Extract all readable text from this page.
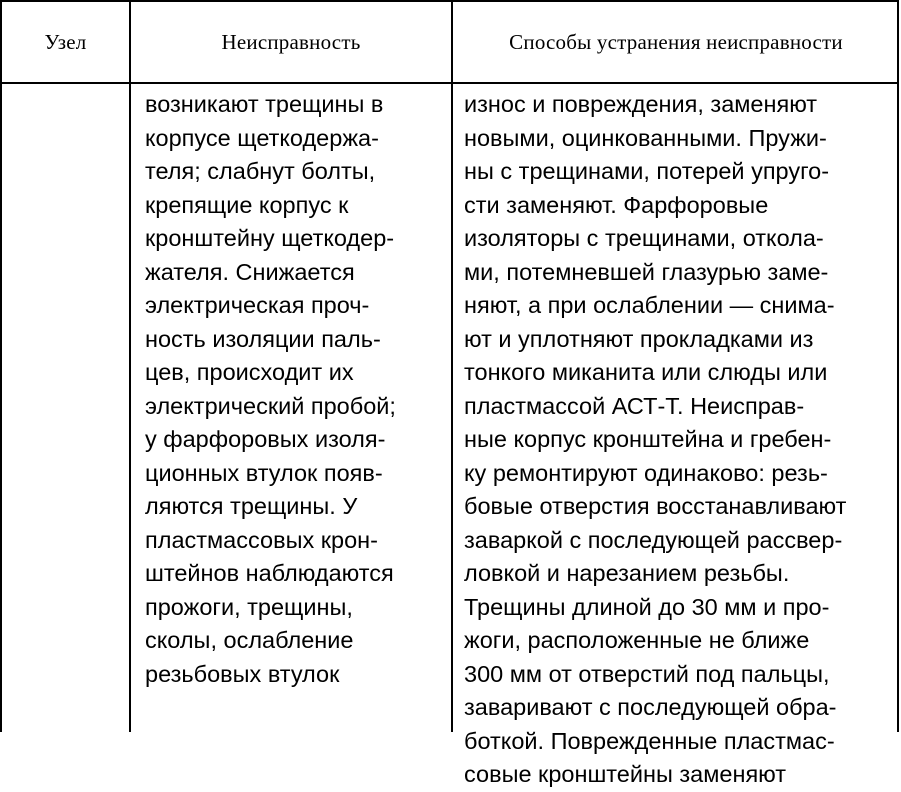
Узел	Неисправность	Способы устранения неисправности
возникают трещины в
корпусе щеткодержа-
теля; слабнут болты,
крепящие корпус к
кронштейну щеткодер-
жателя. Снижается
электрическая проч-
ность изоляции паль-
цев, происходит их
электрический пробой;
у фарфоровых изоля-
ционных втулок появ-
ляются трещины. У
пластмассовых крон-
штейнов наблюдаются
прожоги, трещины,
сколы, ослабление
резьбовых втулок
износ и повреждения, заменяют
новыми, оцинкованными. Пружи-
ны с трещинами, потерей упруго-
сти заменяют. Фарфоровые
изоляторы с трещинами, откола-
ми, потемневшей глазурью заме-
няют, а при ослаблении — снима-
ют и уплотняют прокладками из
тонкого миканита или слюды или
пластмассой АСТ-Т. Неисправ-
ные корпус кронштейна и гребен-
ку ремонтируют одинаково: резь-
бовые отверстия восстанавливают
заваркой с последующей рассвер-
ловкой и нарезанием резьбы.
Трещины длиной до 30 мм и про-
жоги, расположенные не ближе
300 мм от отверстий под пальцы,
заваривают с последующей обра-
боткой. Поврежденные пластмас-
совые кронштейны заменяют
